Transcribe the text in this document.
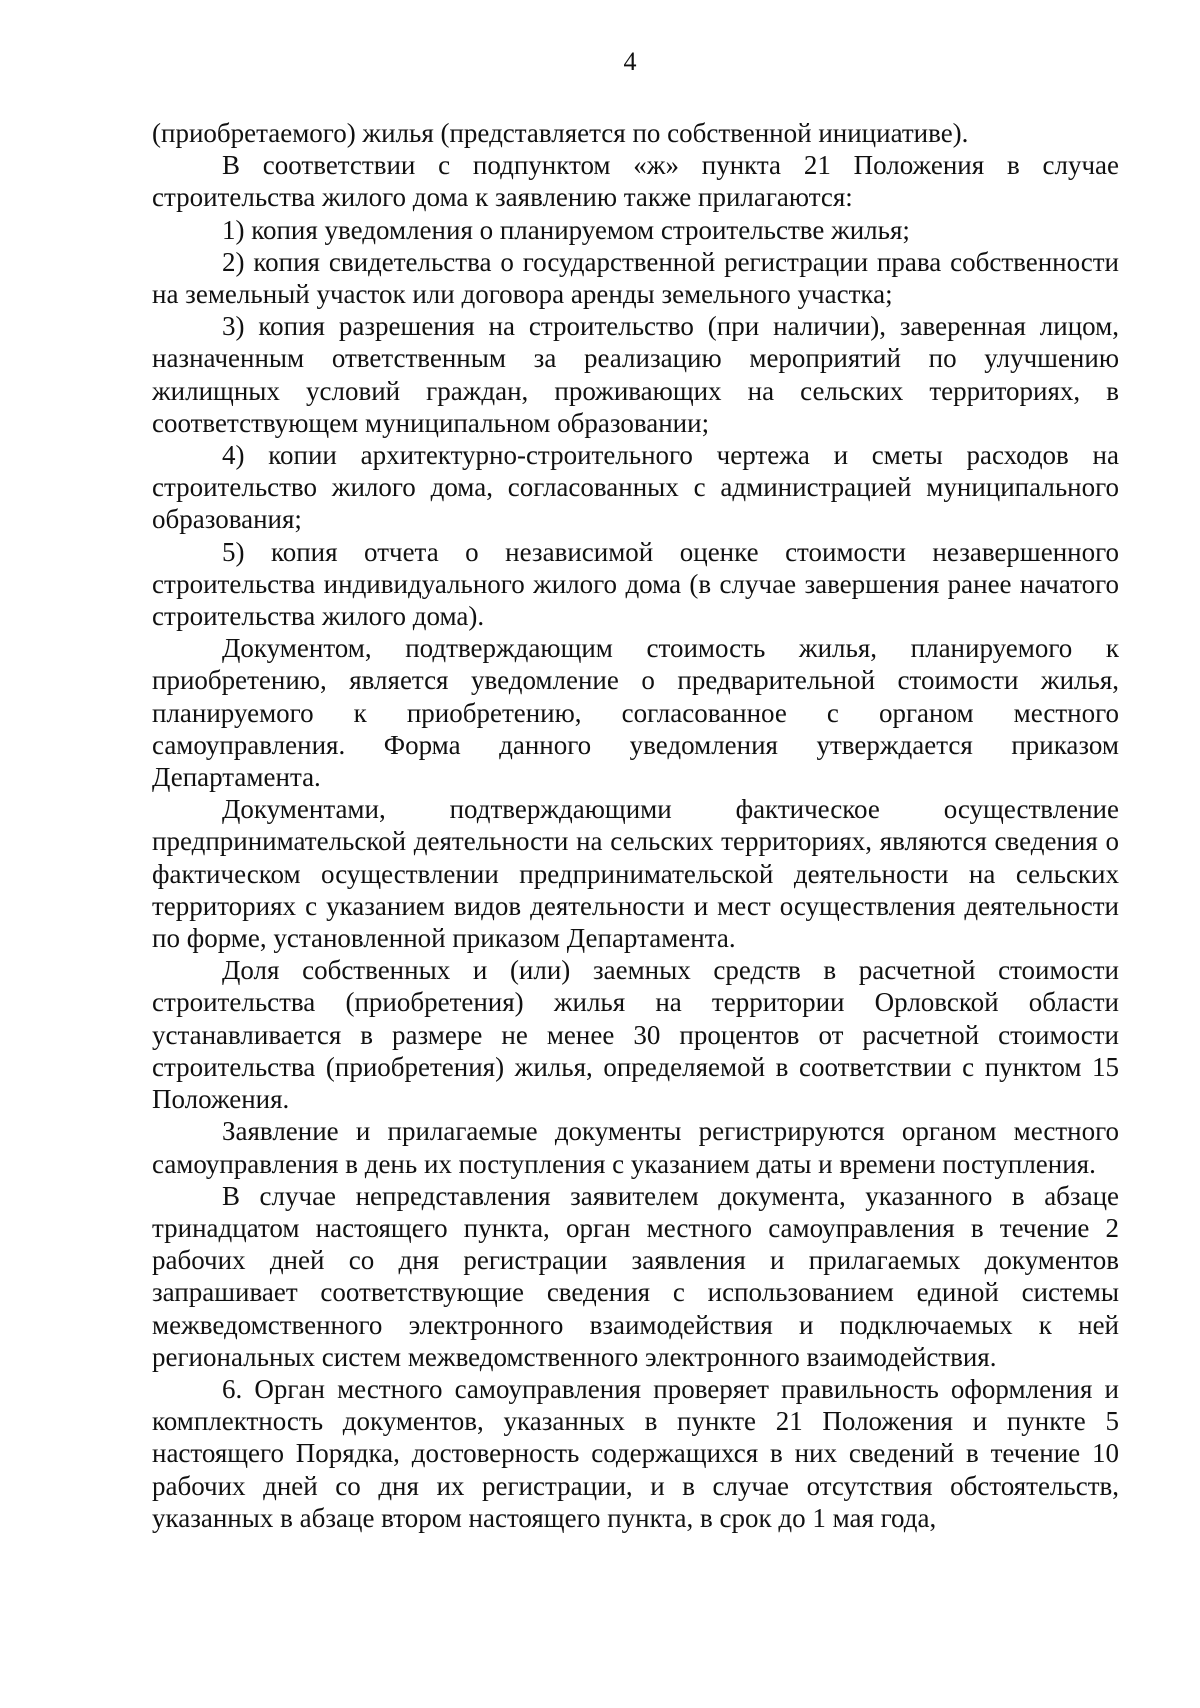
4

(приобретаемого) жилья (представляется по собственной инициативе).

В соответствии с подпунктом «ж» пункта 21 Положения в случае строительства жилого дома к заявлению также прилагаются:

1) копия уведомления о планируемом строительстве жилья;

2) копия свидетельства о государственной регистрации права собственности на земельный участок или договора аренды земельного участка;

3) копия разрешения на строительство (при наличии), заверенная лицом, назначенным ответственным за реализацию мероприятий по улучшению жилищных условий граждан, проживающих на сельских территориях, в соответствующем муниципальном образовании;

4) копии архитектурно-строительного чертежа и сметы расходов на строительство жилого дома, согласованных с администрацией муниципального образования;

5) копия отчета о независимой оценке стоимости незавершенного строительства индивидуального жилого дома (в случае завершения ранее начатого строительства жилого дома).

Документом, подтверждающим стоимость жилья, планируемого к приобретению, является уведомление о предварительной стоимости жилья, планируемого к приобретению, согласованное с органом местного самоуправления. Форма данного уведомления утверждается приказом Департамента.

Документами, подтверждающими фактическое осуществление предпринимательской деятельности на сельских территориях, являются сведения о фактическом осуществлении предпринимательской деятельности на сельских территориях с указанием видов деятельности и мест осуществления деятельности по форме, установленной приказом Департамента.

Доля собственных и (или) заемных средств в расчетной стоимости строительства (приобретения) жилья на территории Орловской области устанавливается в размере не менее 30 процентов от расчетной стоимости строительства (приобретения) жилья, определяемой в соответствии с пунктом 15 Положения.

Заявление и прилагаемые документы регистрируются органом местного самоуправления в день их поступления с указанием даты и времени поступления.

В случае непредставления заявителем документа, указанного в абзаце тринадцатом настоящего пункта, орган местного самоуправления в течение 2 рабочих дней со дня регистрации заявления и прилагаемых документов запрашивает соответствующие сведения с использованием единой системы межведомственного электронного взаимодействия и подключаемых к ней региональных систем межведомственного электронного взаимодействия.

6. Орган местного самоуправления проверяет правильность оформления и комплектность документов, указанных в пункте 21 Положения и пункте 5 настоящего Порядка, достоверность содержащихся в них сведений в течение 10 рабочих дней со дня их регистрации, и в случае отсутствия обстоятельств, указанных в абзаце втором настоящего пункта, в срок до 1 мая года,
